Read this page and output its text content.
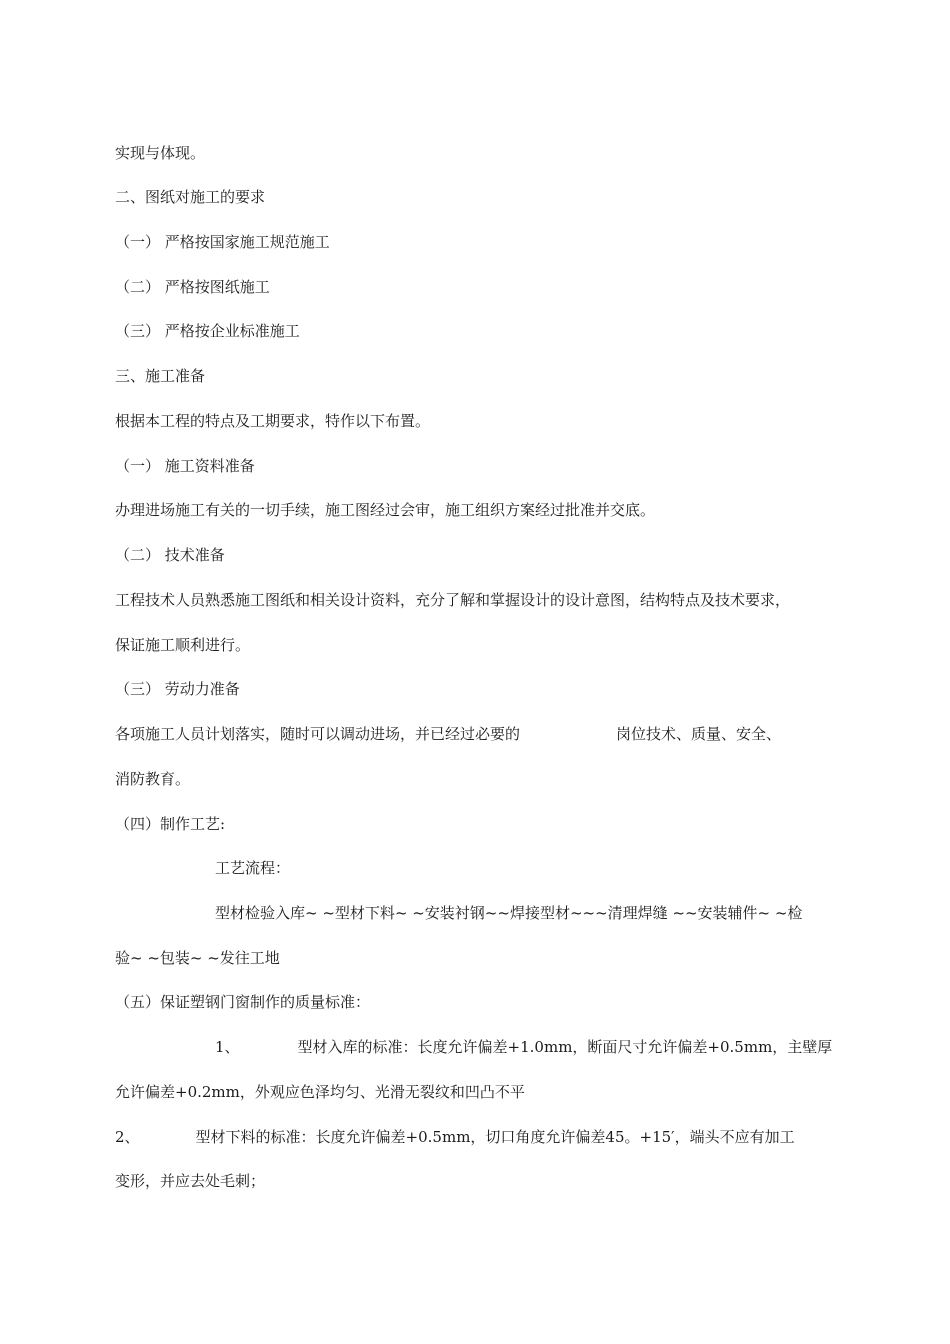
实现与体现。
二、图纸对施工的要求
（一） 严格按国家施工规范施工
（二） 严格按图纸施工
（三） 严格按企业标准施工
三、施工准备
根据本工程的特点及工期要求，特作以下布置。
（一） 施工资料准备
办理进场施工有关的一切手续，施工图经过会审，施工组织方案经过批准并交底。
（二） 技术准备
工程技术人员熟悉施工图纸和相关设计资料，充分了解和掌握设计的设计意图，结构特点及技术要求，
保证施工顺利进行。
（三） 劳动力准备
各项施工人员计划落实，随时可以调动进场，并已经过必要的	岗位技术、质量、安全、
消防教育。
（四）制作工艺:
工艺流程：
型材检验入库~ ~型材下料~ ~安装衬钢~~焊接型材~~~清理焊缝 ~~安装辅件~ ~检
验~ ~包装~ ~发往工地
（五）保证塑钢门窗制作的质量标准：
1、	型材入库的标准：长度允许偏差+1.0mm，断面尺寸允许偏差+0.5mm，主壁厚
允许偏差+0.2mm，外观应色泽均匀、光滑无裂纹和凹凸不平
2、	型材下料的标准：长度允许偏差+0.5mm，切口角度允许偏差45。+15′，端头不应有加工
变形，并应去处毛刺；
